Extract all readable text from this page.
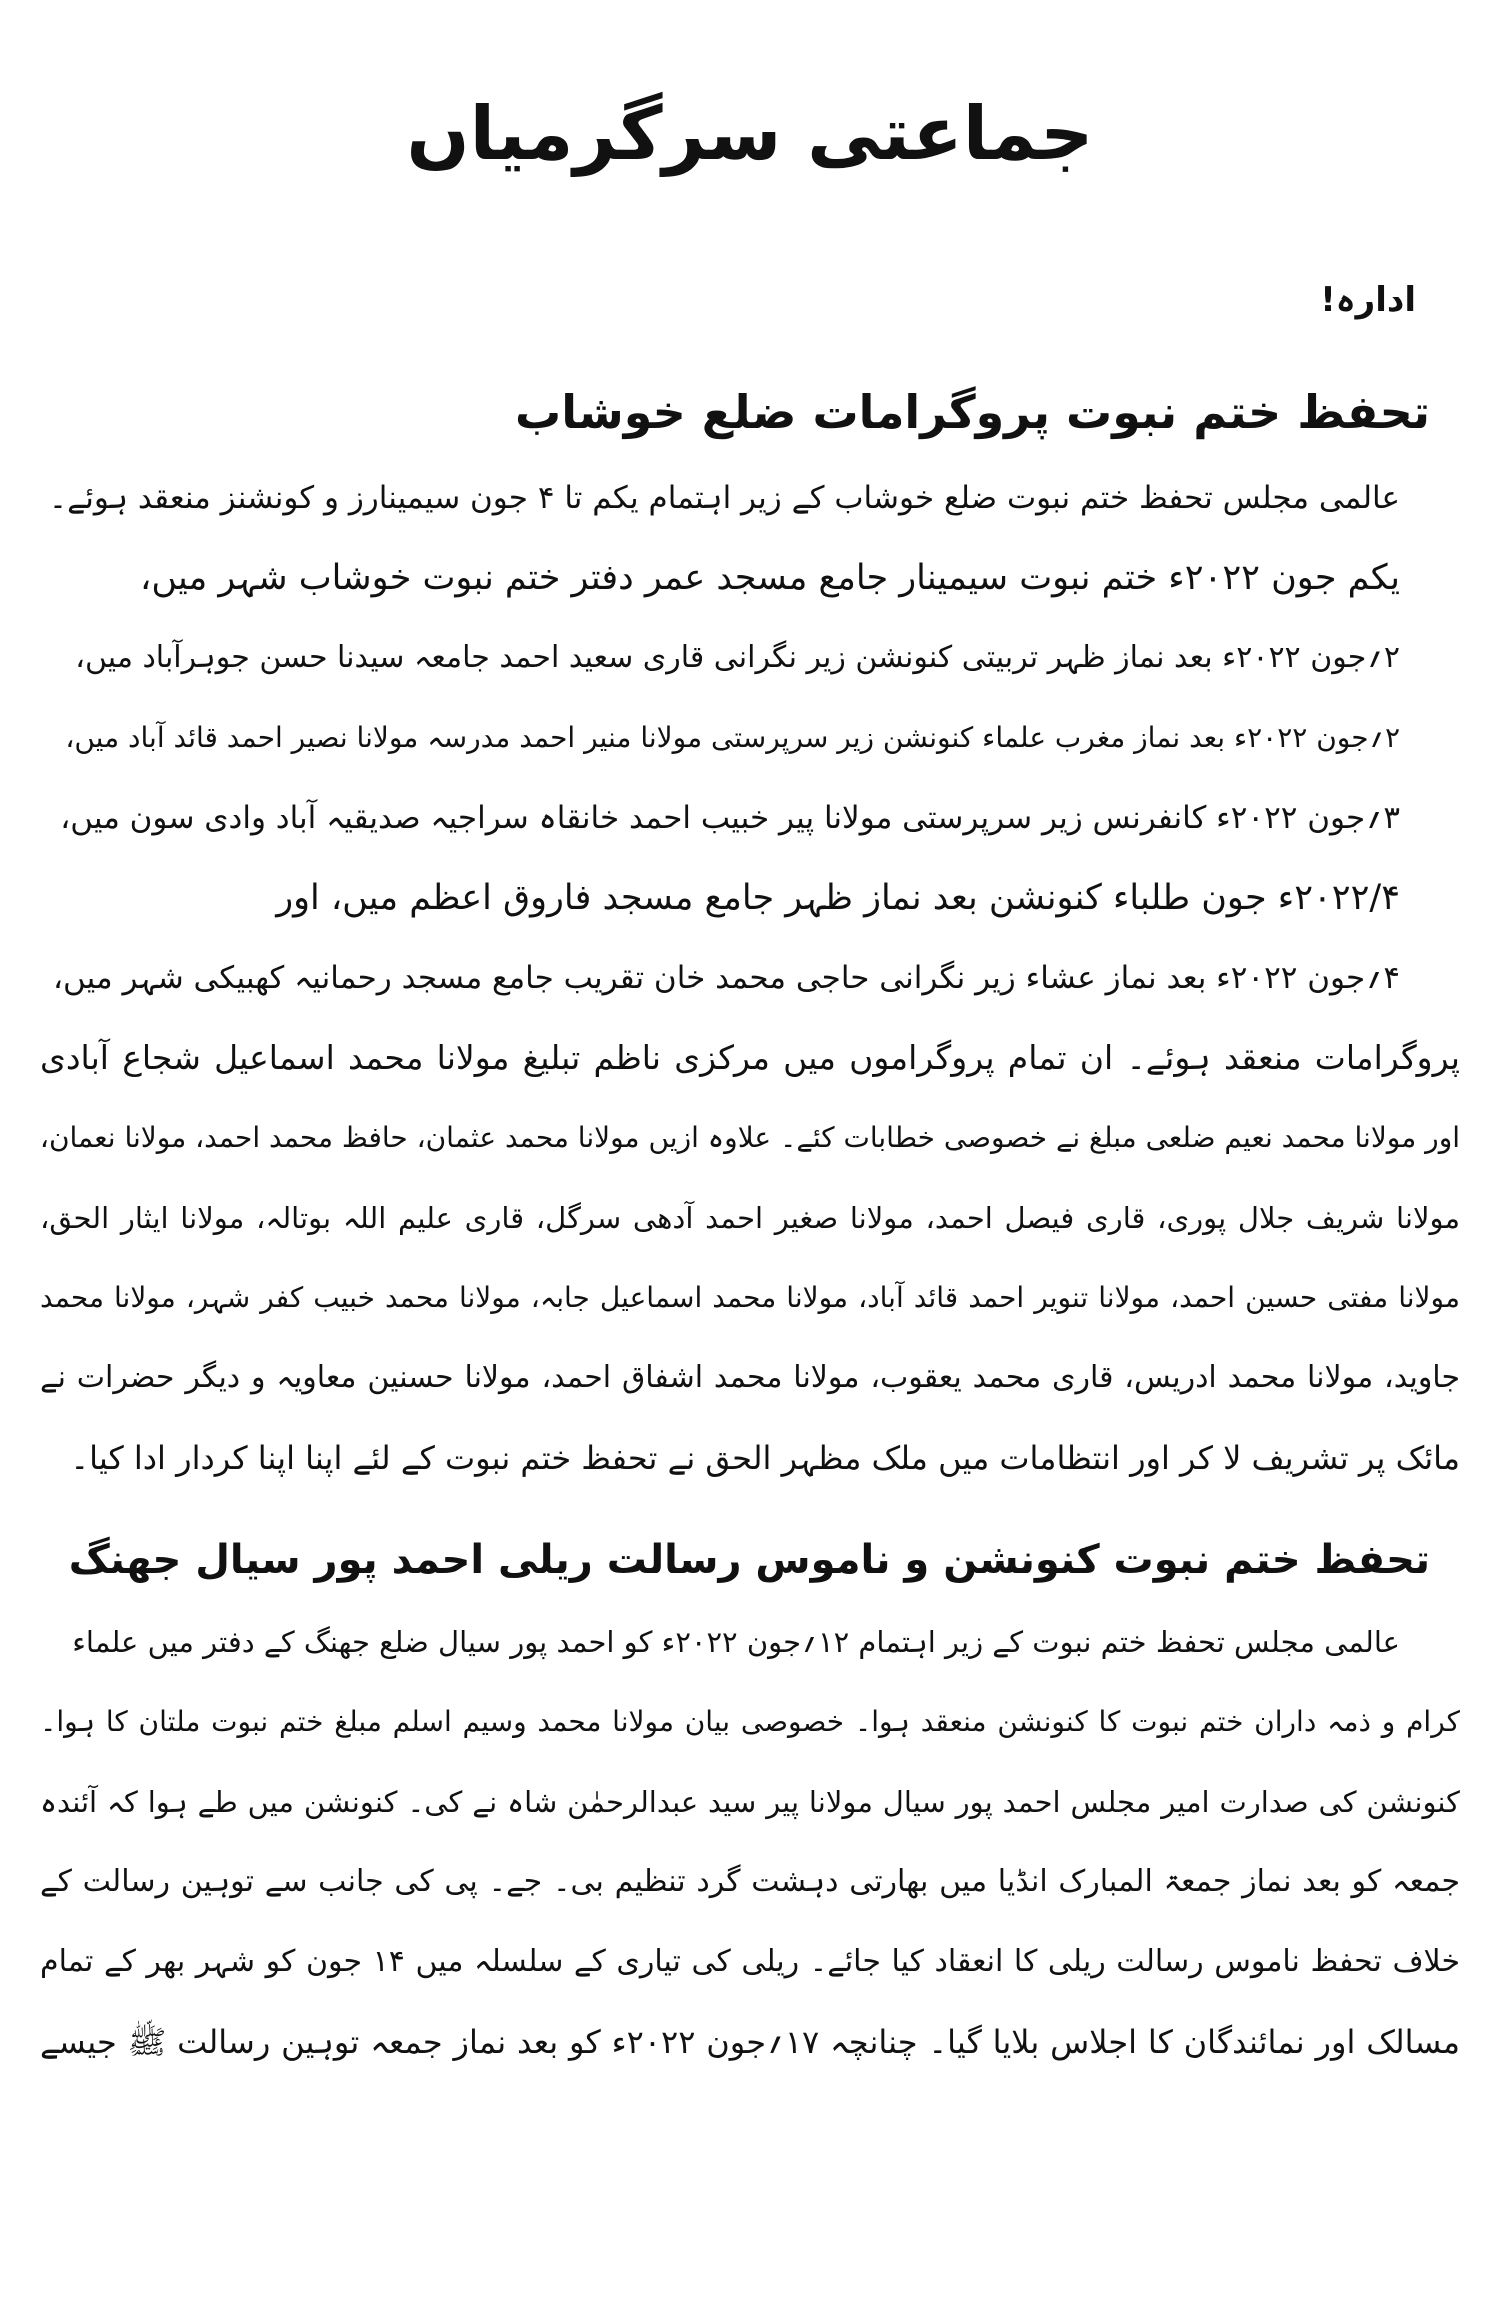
جماعتی سرگرمیاں
ادارہ!
تحفظ ختم نبوت پروگرامات ضلع خوشاب
عالمی مجلس تحفظ ختم نبوت ضلع خوشاب کے زیر اہتمام یکم تا ۴ جون سیمینارز و کونشنز منعقد ہوئے۔
یکم جون ۲۰۲۲ء ختم نبوت سیمینار جامع مسجد عمر دفتر ختم نبوت خوشاب شہر میں،
۲؍جون ۲۰۲۲ء بعد نماز ظہر تربیتی کنونشن زیر نگرانی قاری سعید احمد جامعہ سیدنا حسن جوہرآباد میں،
۲؍جون ۲۰۲۲ء بعد نماز مغرب علماء کنونشن زیر سرپرستی مولانا منیر احمد مدرسہ مولانا نصیر احمد قائد آباد میں،
۳؍جون ۲۰۲۲ء کانفرنس زیر سرپرستی مولانا پیر خبیب احمد خانقاہ سراجیہ صدیقیہ آباد وادی سون میں،
۲۰۲۲/۴ء جون طلباء کنونشن بعد نماز ظہر جامع مسجد فاروق اعظم میں، اور
۴؍جون ۲۰۲۲ء بعد نماز عشاء زیر نگرانی حاجی محمد خان تقریب جامع مسجد رحمانیہ کھبیکی شہر میں،
پروگرامات منعقد ہوئے۔ ان تمام پروگراموں میں مرکزی ناظم تبلیغ مولانا محمد اسماعیل شجاع آبادی
اور مولانا محمد نعیم ضلعی مبلغ نے خصوصی خطابات کئے۔ علاوہ ازیں مولانا محمد عثمان، حافظ محمد احمد، مولانا نعمان،
مولانا شریف جلال پوری، قاری فیصل احمد، مولانا صغیر احمد آدھی سرگل، قاری علیم اللہ بوتالہ، مولانا ایثار الحق،
مولانا مفتی حسین احمد، مولانا تنویر احمد قائد آباد، مولانا محمد اسماعیل جابہ، مولانا محمد خبیب کفر شہر، مولانا محمد
جاوید، مولانا محمد ادریس، قاری محمد یعقوب، مولانا محمد اشفاق احمد، مولانا حسنین معاویہ و دیگر حضرات نے
مائک پر تشریف لا کر اور انتظامات میں ملک مظہر الحق نے تحفظ ختم نبوت کے لئے اپنا اپنا کردار ادا کیا۔
تحفظ ختم نبوت کنونشن و ناموس رسالت ریلی احمد پور سیال جھنگ
عالمی مجلس تحفظ ختم نبوت کے زیر اہتمام ۱۲؍جون ۲۰۲۲ء کو احمد پور سیال ضلع جھنگ کے دفتر میں علماء
کرام و ذمہ داران ختم نبوت کا کنونشن منعقد ہوا۔ خصوصی بیان مولانا محمد وسیم اسلم مبلغ ختم نبوت ملتان کا ہوا۔
کنونشن کی صدارت امیر مجلس احمد پور سیال مولانا پیر سید عبدالرحمٰن شاہ نے کی۔ کنونشن میں طے ہوا کہ آئندہ
جمعہ کو بعد نماز جمعۃ المبارک انڈیا میں بھارتی دہشت گرد تنظیم بی۔ جے۔ پی کی جانب سے توہین رسالت کے
خلاف تحفظ ناموس رسالت ریلی کا انعقاد کیا جائے۔ ریلی کی تیاری کے سلسلہ میں ۱۴ جون کو شہر بھر کے تمام
مسالک اور نمائندگان کا اجلاس بلایا گیا۔ چنانچہ ۱۷؍جون ۲۰۲۲ء کو بعد نماز جمعہ توہین رسالت ﷺ جیسے
